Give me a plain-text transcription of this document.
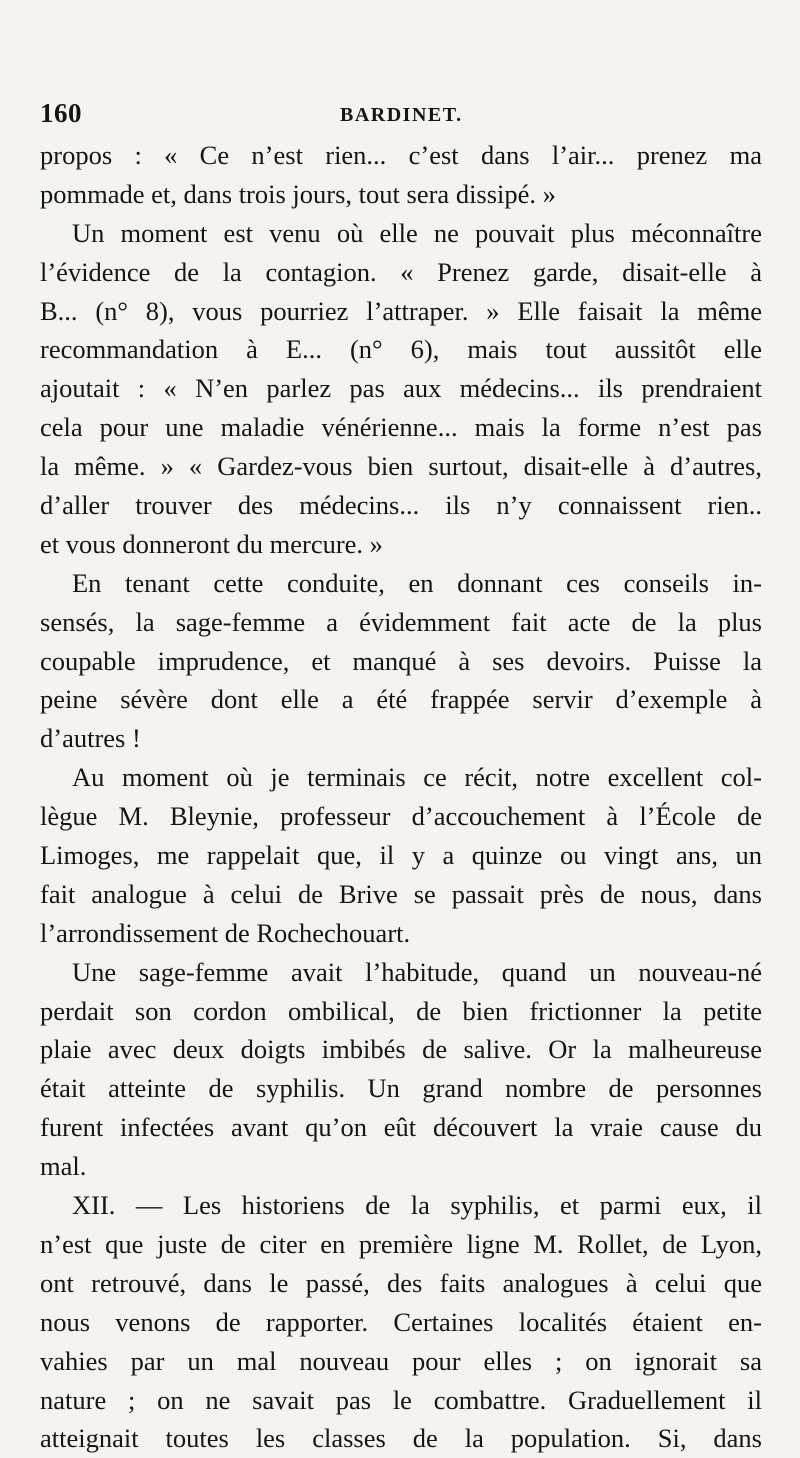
160	BARDINET.
propos : « Ce n’est rien... c’est dans l’air... prenez ma
pommade et, dans trois jours, tout sera dissipé. »
Un moment est venu où elle ne pouvait plus méconnaître
l’évidence de la contagion. « Prenez garde, disait-elle à
B... (n° 8), vous pourriez l’attraper. » Elle faisait la même
recommandation à E... (n° 6), mais tout aussitôt elle
ajoutait : « N’en parlez pas aux médecins... ils prendraient
cela pour une maladie vénérienne... mais la forme n’est pas
la même. » « Gardez-vous bien surtout, disait-elle à d’autres,
d’aller trouver des médecins... ils n’y connaissent rien..
et vous donneront du mercure. »
En tenant cette conduite, en donnant ces conseils in-
sensés, la sage-femme a évidemment fait acte de la plus
coupable imprudence, et manqué à ses devoirs. Puisse la
peine sévère dont elle a été frappée servir d’exemple à
d’autres !
Au moment où je terminais ce récit, notre excellent col-
lègue M. Bleynie, professeur d’accouchement à l’École de
Limoges, me rappelait que, il y a quinze ou vingt ans, un
fait analogue à celui de Brive se passait près de nous, dans
l’arrondissement de Rochechouart.
Une sage-femme avait l’habitude, quand un nouveau-né
perdait son cordon ombilical, de bien frictionner la petite
plaie avec deux doigts imbibés de salive. Or la malheureuse
était atteinte de syphilis. Un grand nombre de personnes
furent infectées avant qu’on eût découvert la vraie cause du
mal.
XII. — Les historiens de la syphilis, et parmi eux, il
n’est que juste de citer en première ligne M. Rollet, de Lyon,
ont retrouvé, dans le passé, des faits analogues à celui que
nous venons de rapporter. Certaines localités étaient en-
vahies par un mal nouveau pour elles ; on ignorait sa
nature ; on ne savait pas le combattre. Graduellement il
atteignait toutes les classes de la population. Si, dans
